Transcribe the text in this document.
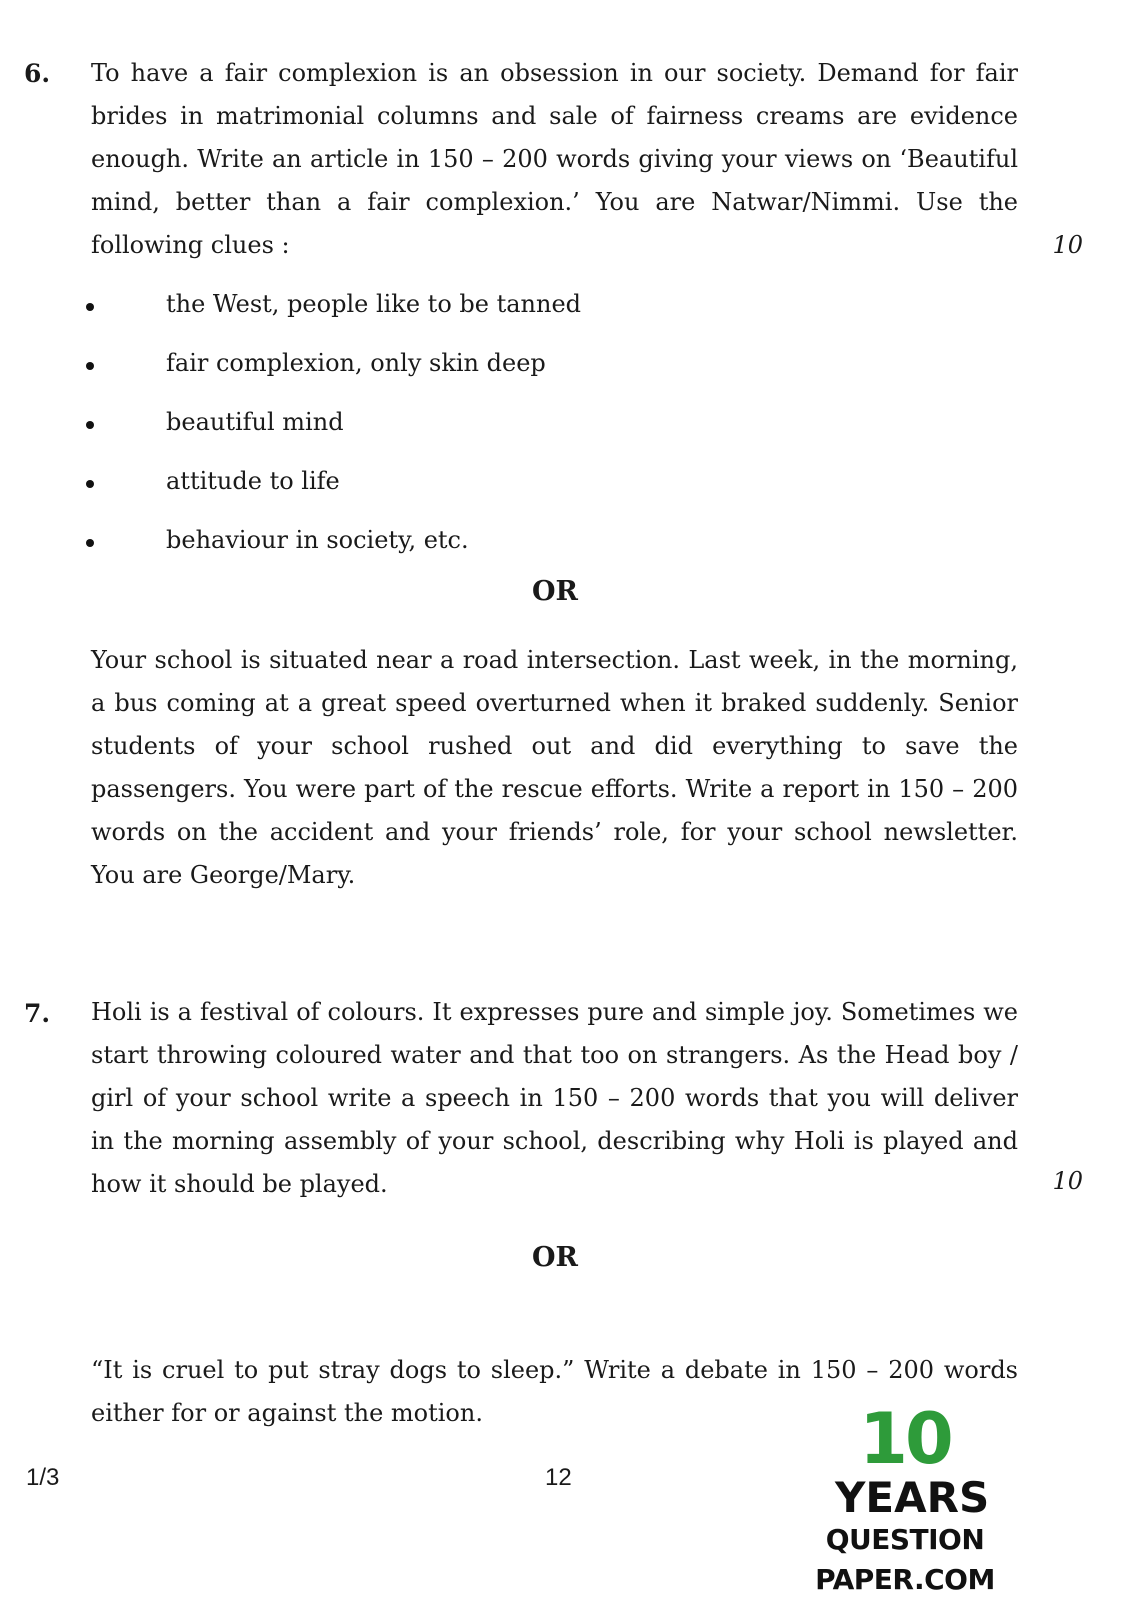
6. To have a fair complexion is an obsession in our society. Demand for fair brides in matrimonial columns and sale of fairness creams are evidence enough. Write an article in 150 – 200 words giving your views on ‘Beautiful mind, better than a fair complexion.’ You are Natwar/Nimmi. Use the following clues :	10
the West, people like to be tanned
fair complexion, only skin deep
beautiful mind
attitude to life
behaviour in society, etc.
OR
Your school is situated near a road intersection. Last week, in the morning, a bus coming at a great speed overturned when it braked suddenly. Senior students of your school rushed out and did everything to save the passengers. You were part of the rescue efforts. Write a report in 150 – 200 words on the accident and your friends’ role, for your school newsletter. You are George/Mary.
7. Holi is a festival of colours. It expresses pure and simple joy. Sometimes we start throwing coloured water and that too on strangers. As the Head boy / girl of your school write a speech in 150 – 200 words that you will deliver in the morning assembly of your school, describing why Holi is played and how it should be played.	10
OR
“It is cruel to put stray dogs to sleep.” Write a debate in 150 – 200 words either for or against the motion.
1/3	12	10
YEARS
QUESTION PAPER.COM
